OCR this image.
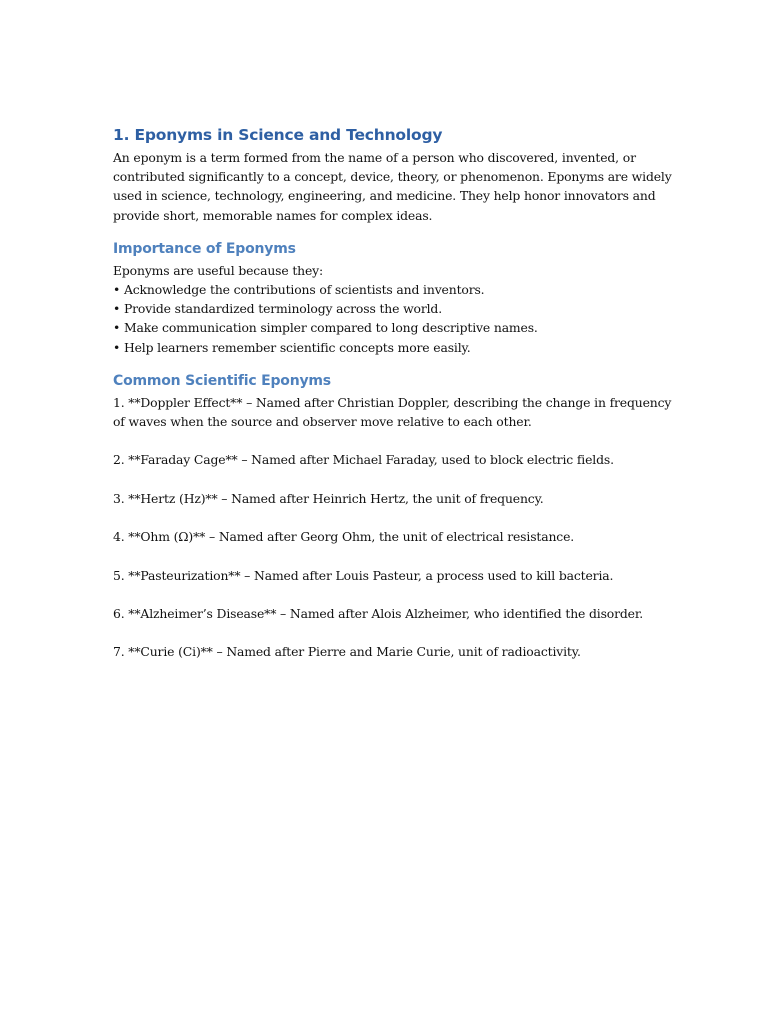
1. Eponyms in Science and Technology

An eponym is a term formed from the name of a person who discovered, invented, or contributed significantly to a concept, device, theory, or phenomenon. Eponyms are widely used in science, technology, engineering, and medicine. They help honor innovators and provide short, memorable names for complex ideas.

Importance of Eponyms
Eponyms are useful because they:
• Acknowledge the contributions of scientists and inventors.
• Provide standardized terminology across the world.
• Make communication simpler compared to long descriptive names.
• Help learners remember scientific concepts more easily.
Common Scientific Eponyms
1. **Doppler Effect** – Named after Christian Doppler, describing the change in frequency of waves when the source and observer move relative to each other.
2. **Faraday Cage** – Named after Michael Faraday, used to block electric fields.
3. **Hertz (Hz)** – Named after Heinrich Hertz, the unit of frequency.
4. **Ohm (Ω)** – Named after Georg Ohm, the unit of electrical resistance.
5. **Pasteurization** – Named after Louis Pasteur, a process used to kill bacteria.
6. **Alzheimer’s Disease** – Named after Alois Alzheimer, who identified the disorder.
7. **Curie (Ci)** – Named after Pierre and Marie Curie, unit of radioactivity.
